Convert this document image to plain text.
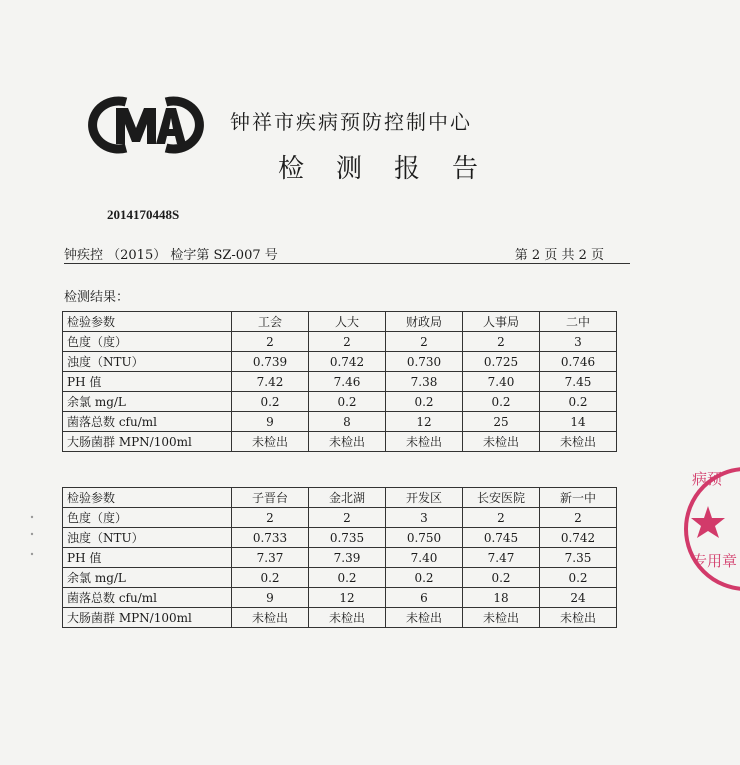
钟祥市疾病预防控制中心
检测报告
2014170448S
钟疾控 （2015） 检字第 SZ-007 号	第 2 页 共 2 页
检测结果：
检验参数	工会	人大	财政局	人事局	二中
色度（度）	2	2	2	2	3
浊度（NTU）	0.739	0.742	0.730	0.725	0.746
PH 值	7.42	7.46	7.38	7.40	7.45
余氯 mg/L	0.2	0.2	0.2	0.2	0.2
菌落总数 cfu/ml	9	8	12	25	14
大肠菌群 MPN/100ml	未检出	未检出	未检出	未检出	未检出
检验参数	子晋台	金北湖	开发区	长安医院	新一中
色度（度）	2	2	3	2	2
浊度（NTU）	0.733	0.735	0.750	0.745	0.742
PH 值	7.37	7.39	7.40	7.47	7.35
余氯 mg/L	0.2	0.2	0.2	0.2	0.2
菌落总数 cfu/ml	9	12	6	18	24
大肠菌群 MPN/100ml	未检出	未检出	未检出	未检出	未检出
病预
专用章
